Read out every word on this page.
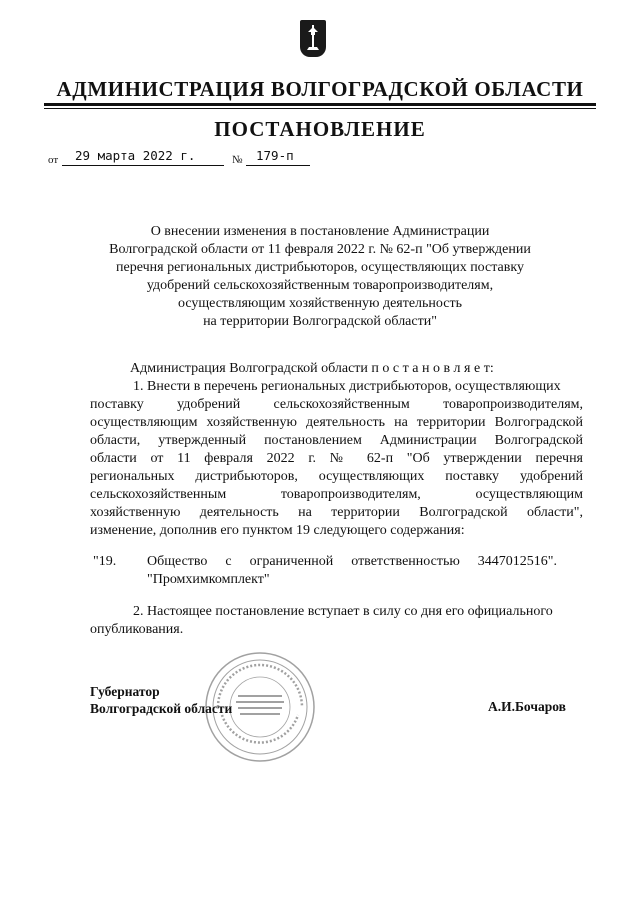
АДМИНИСТРАЦИЯ ВОЛГОГРАДСКОЙ ОБЛАСТИ
ПОСТАНОВЛЕНИЕ
от 29 марта 2022 г.	№ 179-п
О внесении изменения в постановление Администрации
Волгоградской области от 11 февраля 2022 г. № 62-п "Об утверждении
перечня региональных дистрибьюторов, осуществляющих поставку
удобрений сельскохозяйственным товаропроизводителям,
осуществляющим хозяйственную деятельность
на территории Волгоградской области"
Администрация Волгоградской области п о с т а н о в л я е т:
1. Внести в перечень региональных дистрибьюторов, осуществляющих
поставку удобрений сельскохозяйственным товаропроизводителям,
осуществляющим хозяйственную деятельность на территории Волгоградской
области, утвержденный постановлением Администрации Волгоградской
области от 11 февраля 2022 г. № 62-п "Об утверждении перечня
региональных дистрибьюторов, осуществляющих поставку удобрений
сельскохозяйственным товаропроизводителям, осуществляющим
хозяйственную деятельность на территории Волгоградской области",
изменение, дополнив его пунктом 19 следующего содержания:
"19. Общество с ограниченной ответственностью 3447012516".
"Промхимкомплект"
2. Настоящее постановление вступает в силу со дня его официального
опубликования.
Губернатор
Волгоградской области	А.И.Бочаров
